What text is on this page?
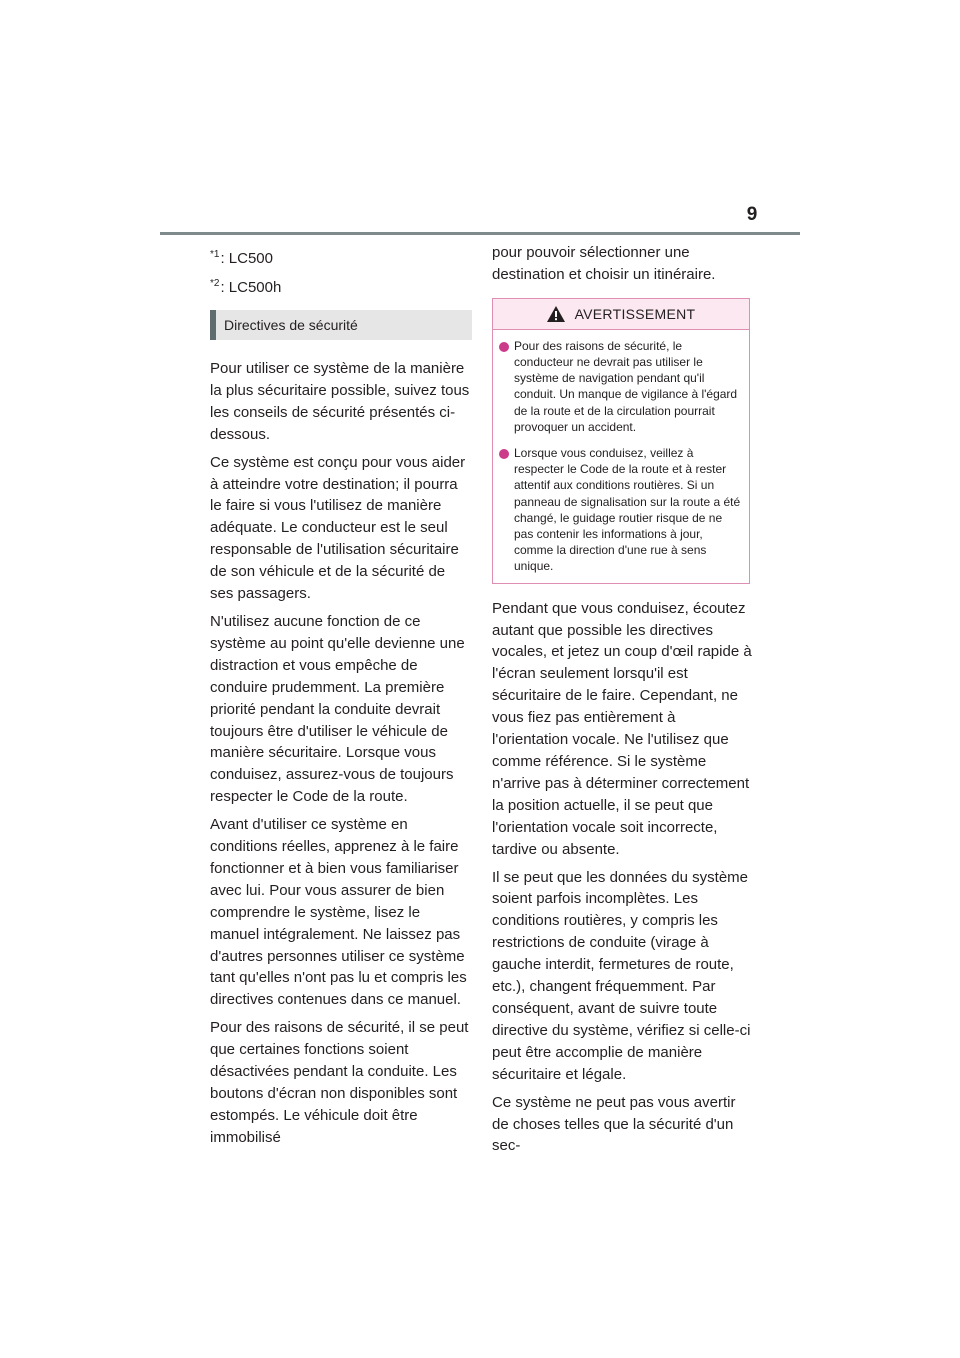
9

$^{*1}$: LC500

$^{*2}$: LC500h

Directives de sécurité

Pour utiliser ce système de la manière la plus sécuritaire possible, suivez tous les conseils de sécurité présentés ci-dessous.

Ce système est conçu pour vous aider à atteindre votre destination; il pourra le faire si vous l'utilisez de manière adéquate. Le conducteur est le seul responsable de l'utilisation sécuritaire de son véhicule et de la sécurité de ses passagers.

N'utilisez aucune fonction de ce système au point qu'elle devienne une distraction et vous empêche de conduire prudemment. La première priorité pendant la conduite devrait toujours être d'utiliser le véhicule de manière sécuritaire. Lorsque vous conduisez, assurez-vous de toujours respecter le Code de la route.

Avant d'utiliser ce système en conditions réelles, apprenez à le faire fonctionner et à bien vous familiariser avec lui. Pour vous assurer de bien comprendre le système, lisez le manuel intégralement. Ne laissez pas d'autres personnes utiliser ce système tant qu'elles n'ont pas lu et compris les directives contenues dans ce manuel.

Pour des raisons de sécurité, il se peut que certaines fonctions soient désactivées pendant la conduite. Les boutons d'écran non disponibles sont estompés. Le véhicule doit être immobilisé

pour pouvoir sélectionner une destination et choisir un itinéraire.

AVERTISSEMENT
Pour des raisons de sécurité, le conducteur ne devrait pas utiliser le système de navigation pendant qu'il conduit. Un manque de vigilance à l'égard de la route et de la circulation pourrait provoquer un accident.
Lorsque vous conduisez, veillez à respecter le Code de la route et à rester attentif aux conditions routières. Si un panneau de signalisation sur la route a été changé, le guidage routier risque de ne pas contenir les informations à jour, comme la direction d'une rue à sens unique.

Pendant que vous conduisez, écoutez autant que possible les directives vocales, et jetez un coup d'œil rapide à l'écran seulement lorsqu'il est sécuritaire de le faire. Cependant, ne vous fiez pas entièrement à l'orientation vocale. Ne l'utilisez que comme référence. Si le système n'arrive pas à déterminer correctement la position actuelle, il se peut que l'orientation vocale soit incorrecte, tardive ou absente.

Il se peut que les données du système soient parfois incomplètes. Les conditions routières, y compris les restrictions de conduite (virage à gauche interdit, fermetures de route, etc.), changent fréquemment. Par conséquent, avant de suivre toute directive du système, vérifiez si celle-ci peut être accomplie de manière sécuritaire et légale.

Ce système ne peut pas vous avertir de choses telles que la sécurité d'un sec-
